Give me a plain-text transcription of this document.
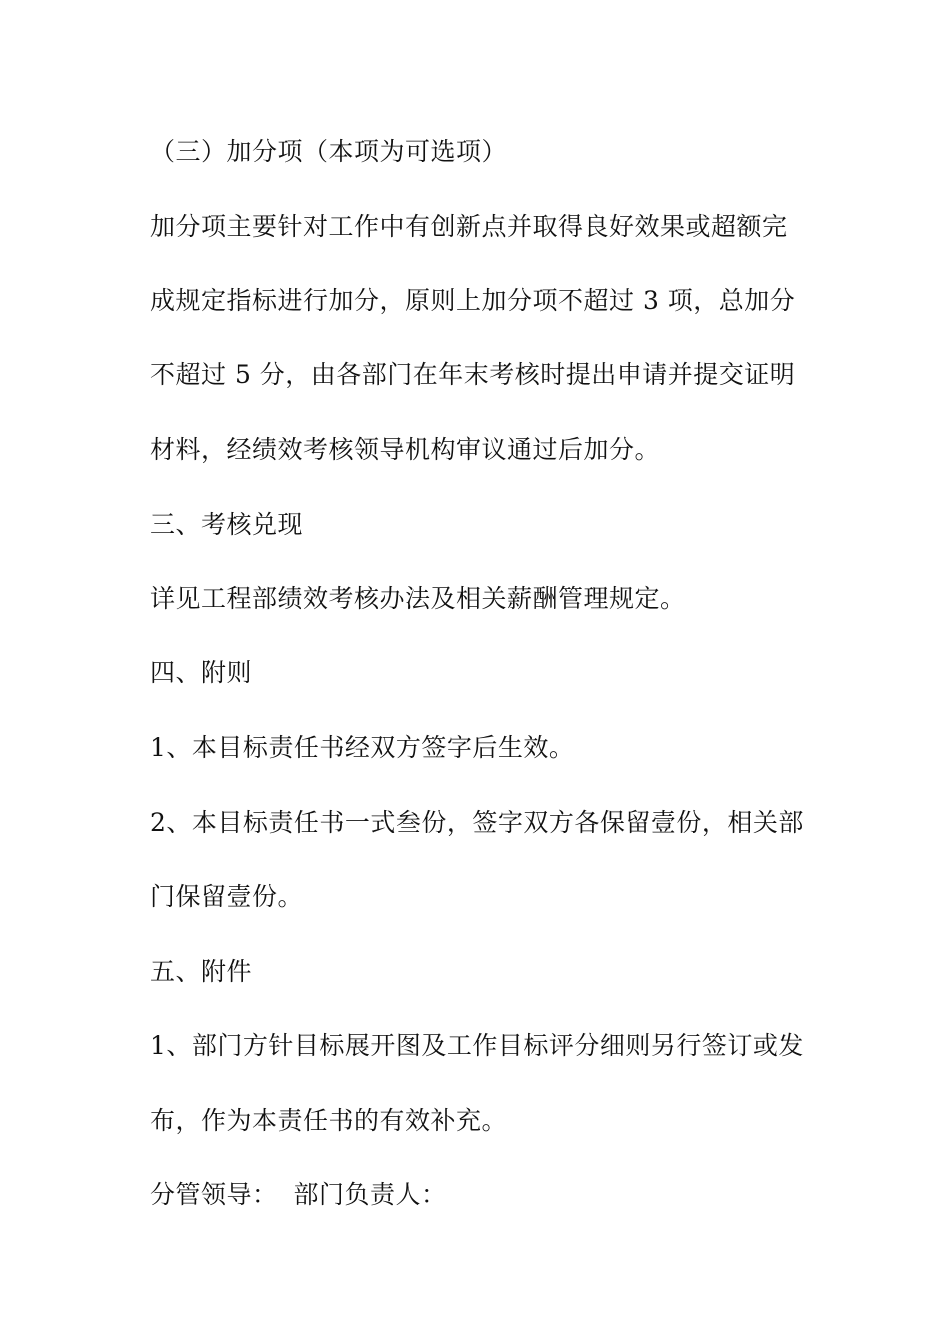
（三）加分项（本项为可选项）
加分项主要针对工作中有创新点并取得良好效果或超额完
成规定指标进行加分，原则上加分项不超过 3 项，总加分
不超过 5 分，由各部门在年末考核时提出申请并提交证明
材料，经绩效考核领导机构审议通过后加分。
三、考核兑现
详见工程部绩效考核办法及相关薪酬管理规定。
四、附则
1、本目标责任书经双方签字后生效。
2、本目标责任书一式叁份，签字双方各保留壹份，相关部
门保留壹份。
五、附件
1、部门方针目标展开图及工作目标评分细则另行签订或发
布，作为本责任书的有效补充。
分管领导： 部门负责人：
